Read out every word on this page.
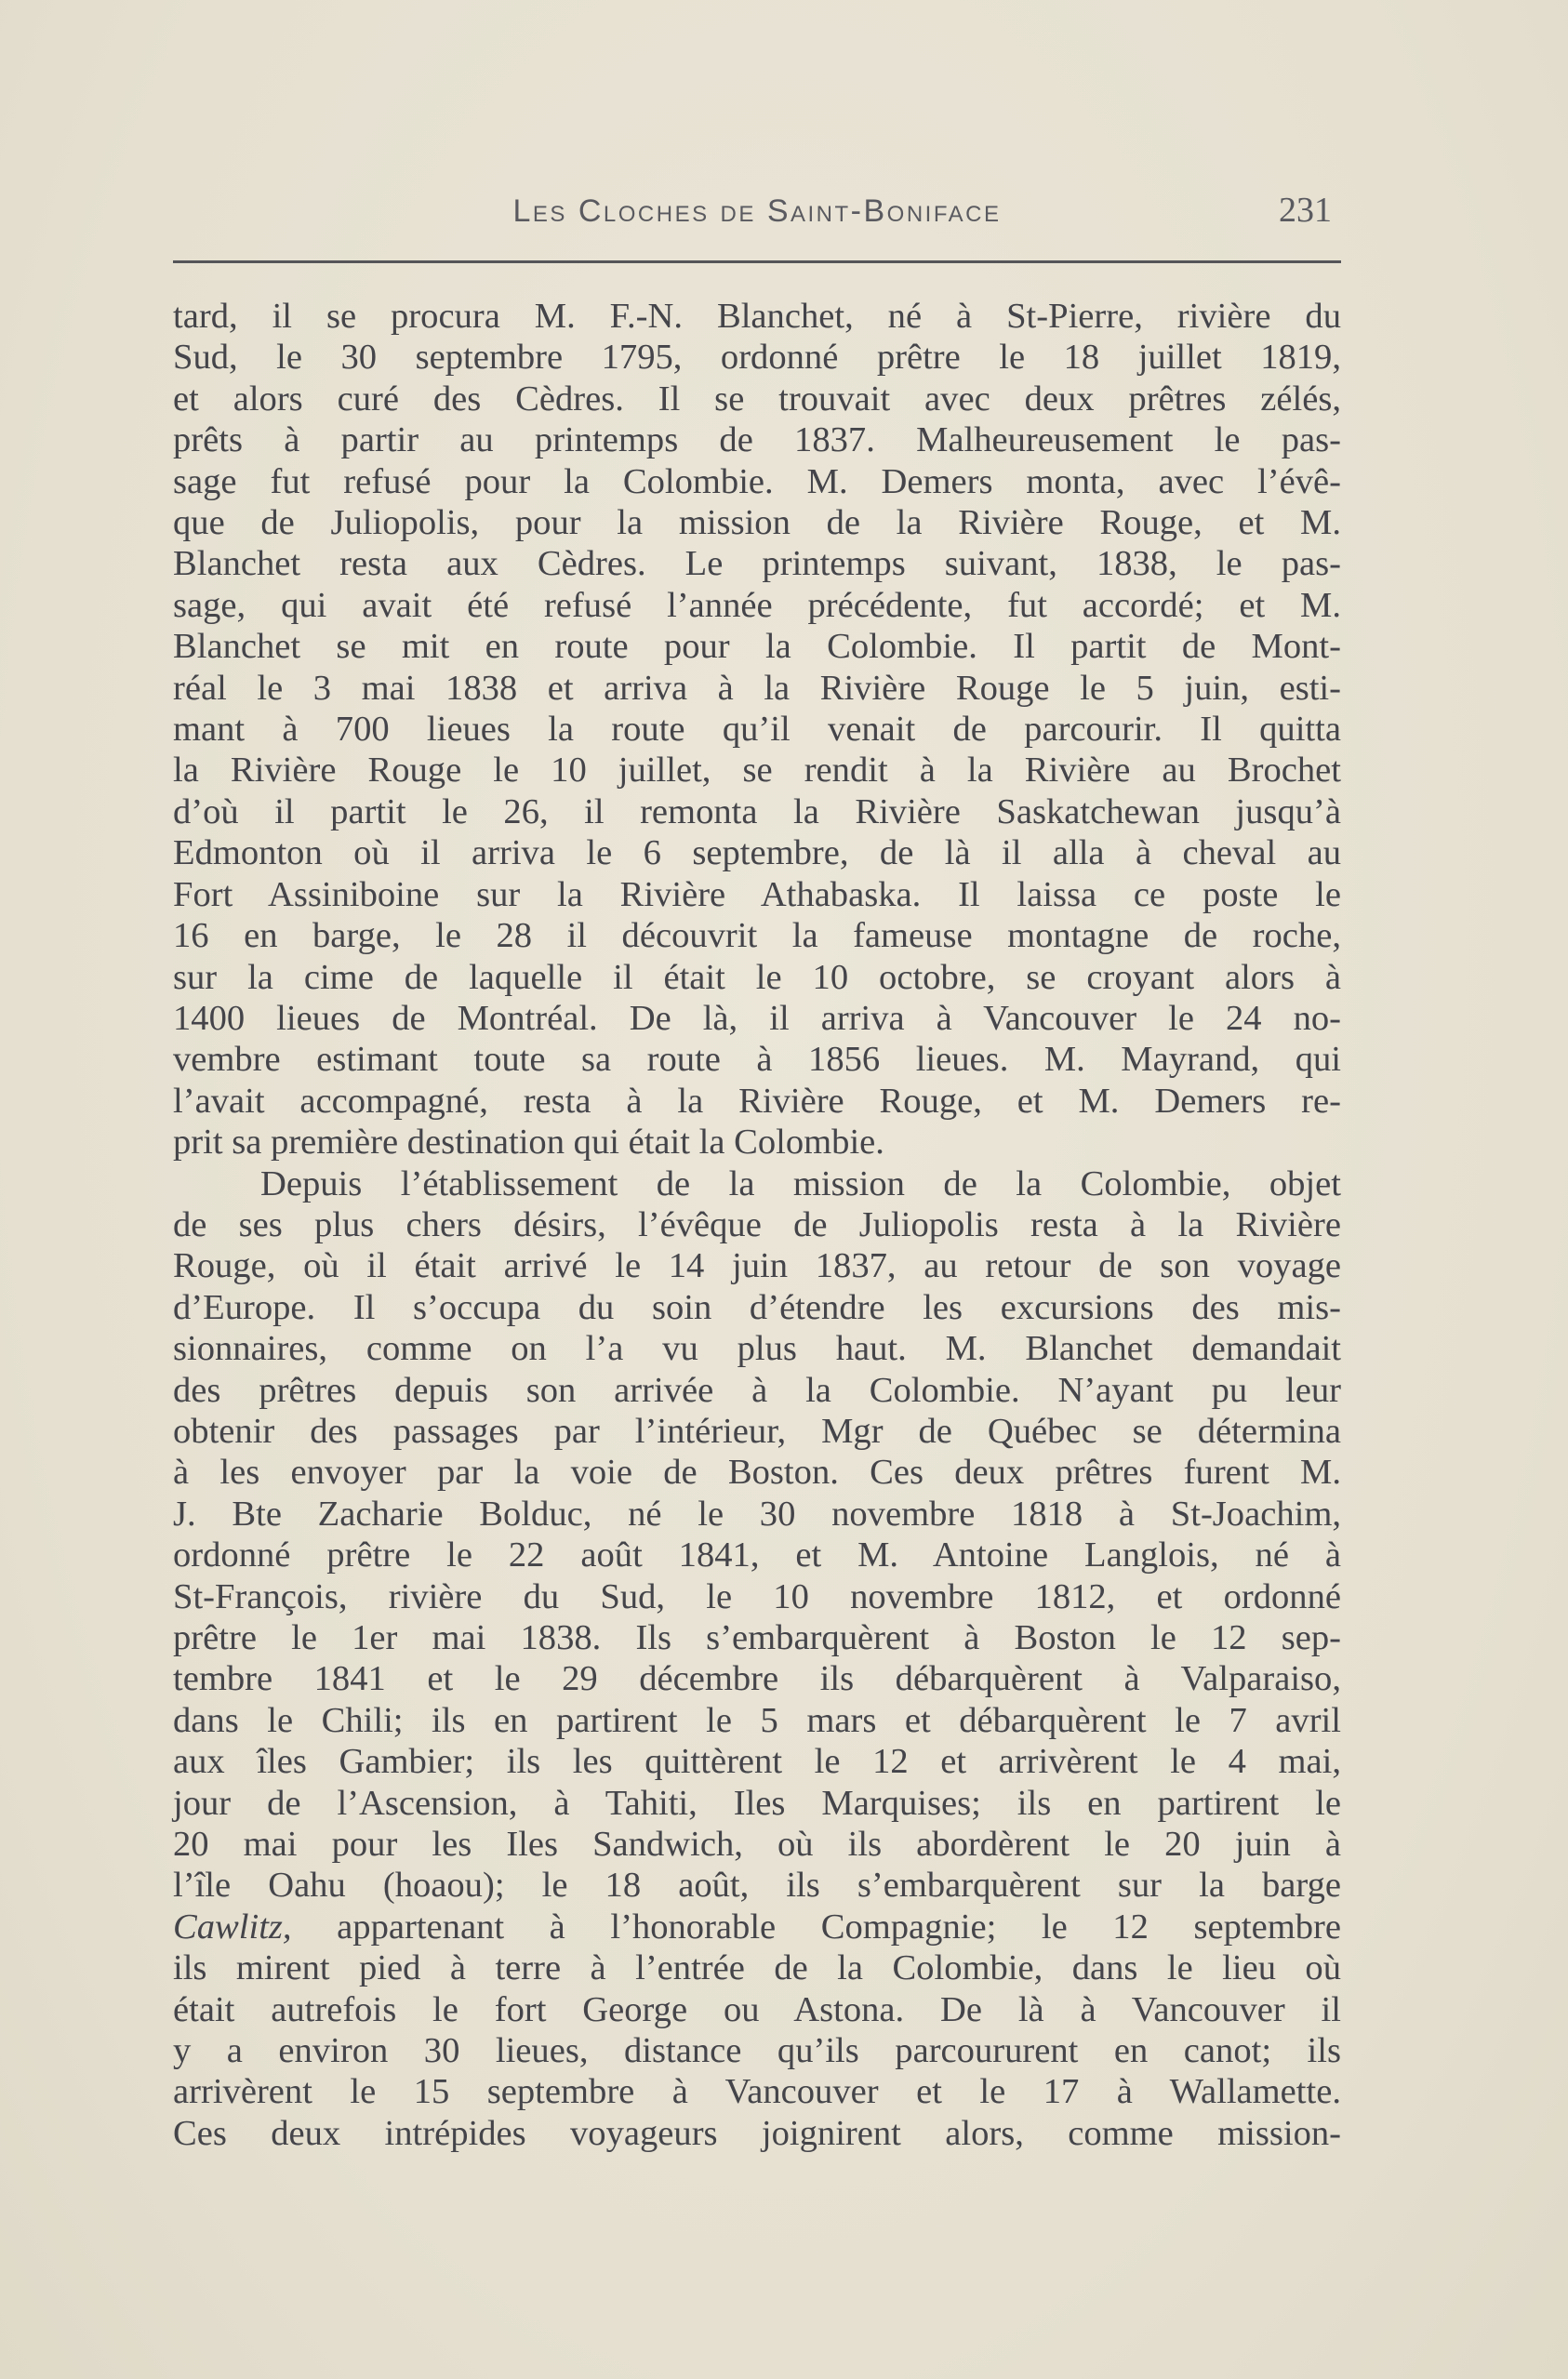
Les Cloches de Saint-Boniface	231

tard, il se procura M. F.-N. Blanchet, né à St-Pierre, rivière du

Sud, le 30 septembre 1795, ordonné prêtre le 18 juillet 1819,

et alors curé des Cèdres. Il se trouvait avec deux prêtres zélés,

prêts à partir au printemps de 1837. Malheureusement le pas-

sage fut refusé pour la Colombie. M. Demers monta, avec l’évê-

que de Juliopolis, pour la mission de la Rivière Rouge, et M.

Blanchet resta aux Cèdres. Le printemps suivant, 1838, le pas-

sage, qui avait été refusé l’année précédente, fut accordé; et M.

Blanchet se mit en route pour la Colombie. Il partit de Mont-

réal le 3 mai 1838 et arriva à la Rivière Rouge le 5 juin, esti-

mant à 700 lieues la route qu’il venait de parcourir. Il quitta

la Rivière Rouge le 10 juillet, se rendit à la Rivière au Brochet

d’où il partit le 26, il remonta la Rivière Saskatchewan jusqu’à

Edmonton où il arriva le 6 septembre, de là il alla à cheval au

Fort Assiniboine sur la Rivière Athabaska. Il laissa ce poste le

16 en barge, le 28 il découvrit la fameuse montagne de roche,

sur la cime de laquelle il était le 10 octobre, se croyant alors à

1400 lieues de Montréal. De là, il arriva à Vancouver le 24 no-

vembre estimant toute sa route à 1856 lieues. M. Mayrand, qui

l’avait accompagné, resta à la Rivière Rouge, et M. Demers re-

prit sa première destination qui était la Colombie.

Depuis l’établissement de la mission de la Colombie, objet

de ses plus chers désirs, l’évêque de Juliopolis resta à la Rivière

Rouge, où il était arrivé le 14 juin 1837, au retour de son voyage

d’Europe. Il s’occupa du soin d’étendre les excursions des mis-

sionnaires, comme on l’a vu plus haut. M. Blanchet demandait

des prêtres depuis son arrivée à la Colombie. N’ayant pu leur

obtenir des passages par l’intérieur, Mgr de Québec se détermina

à les envoyer par la voie de Boston. Ces deux prêtres furent M.

J. Bte Zacharie Bolduc, né le 30 novembre 1818 à St-Joachim,

ordonné prêtre le 22 août 1841, et M. Antoine Langlois, né à

St-François, rivière du Sud, le 10 novembre 1812, et ordonné

prêtre le 1er mai 1838. Ils s’embarquèrent à Boston le 12 sep-

tembre 1841 et le 29 décembre ils débarquèrent à Valparaiso,

dans le Chili; ils en partirent le 5 mars et débarquèrent le 7 avril

aux îles Gambier; ils les quittèrent le 12 et arrivèrent le 4 mai,

jour de l’Ascension, à Tahiti, Iles Marquises; ils en partirent le

20 mai pour les Iles Sandwich, où ils abordèrent le 20 juin à

l’île Oahu (hoaou); le 18 août, ils s’embarquèrent sur la barge

Cawlitz, appartenant à l’honorable Compagnie; le 12 septembre

ils mirent pied à terre à l’entrée de la Colombie, dans le lieu où

était autrefois le fort George ou Astona. De là à Vancouver il

y a environ 30 lieues, distance qu’ils parcoururent en canot; ils

arrivèrent le 15 septembre à Vancouver et le 17 à Wallamette.

Ces deux intrépides voyageurs joignirent alors, comme mission-
